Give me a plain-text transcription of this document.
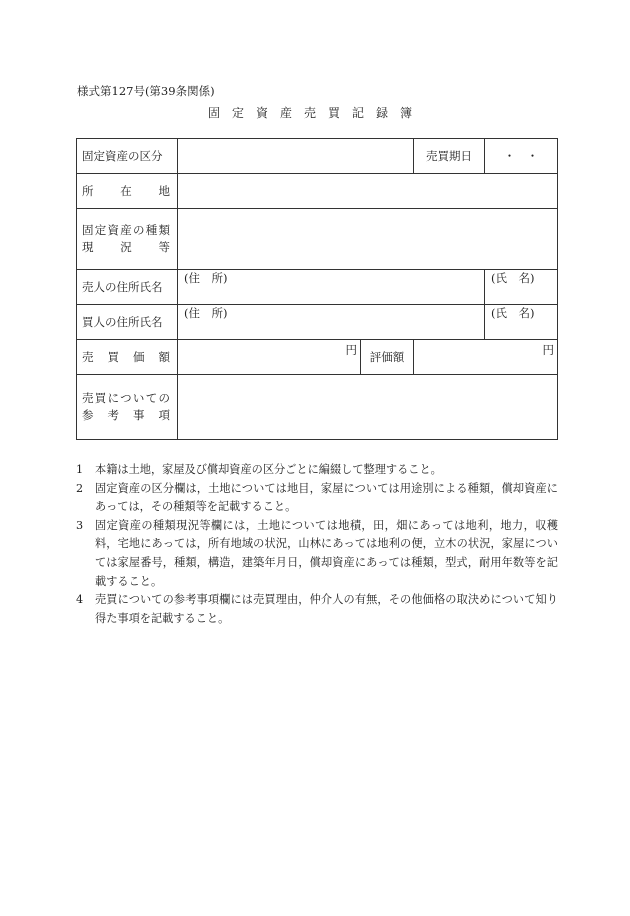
様式第127号(第39条関係)
固　定　資　産　売　買　記　録　簿
固定資産の区分			売買期日	・　・

所　在　地				

固定資産の種類
現　況　等				

売人の住所氏名	(住　所)			(氏　名)

買人の住所氏名	(住　所)			(氏　名)

売　買　価　額	円	評価額	円	

売買についての
参　考　事　項				

1 本籍は土地，家屋及び償却資産の区分ごとに編綴して整理すること。
2 固定資産の区分欄は，土地については地目，家屋については用途別による種類，償却資産にあっては，その種類等を記載すること。
3 固定資産の種類現況等欄には，土地については地積，田，畑にあっては地利，地力，収穫料，宅地にあっては，所有地域の状況，山林にあっては地利の便，立木の状況，家屋については家屋番号，種類，構造，建築年月日，償却資産にあっては種類，型式，耐用年数等を記載すること。
4 売買についての参考事項欄には売買理由，仲介人の有無，その他価格の取決めについて知り得た事項を記載すること。
